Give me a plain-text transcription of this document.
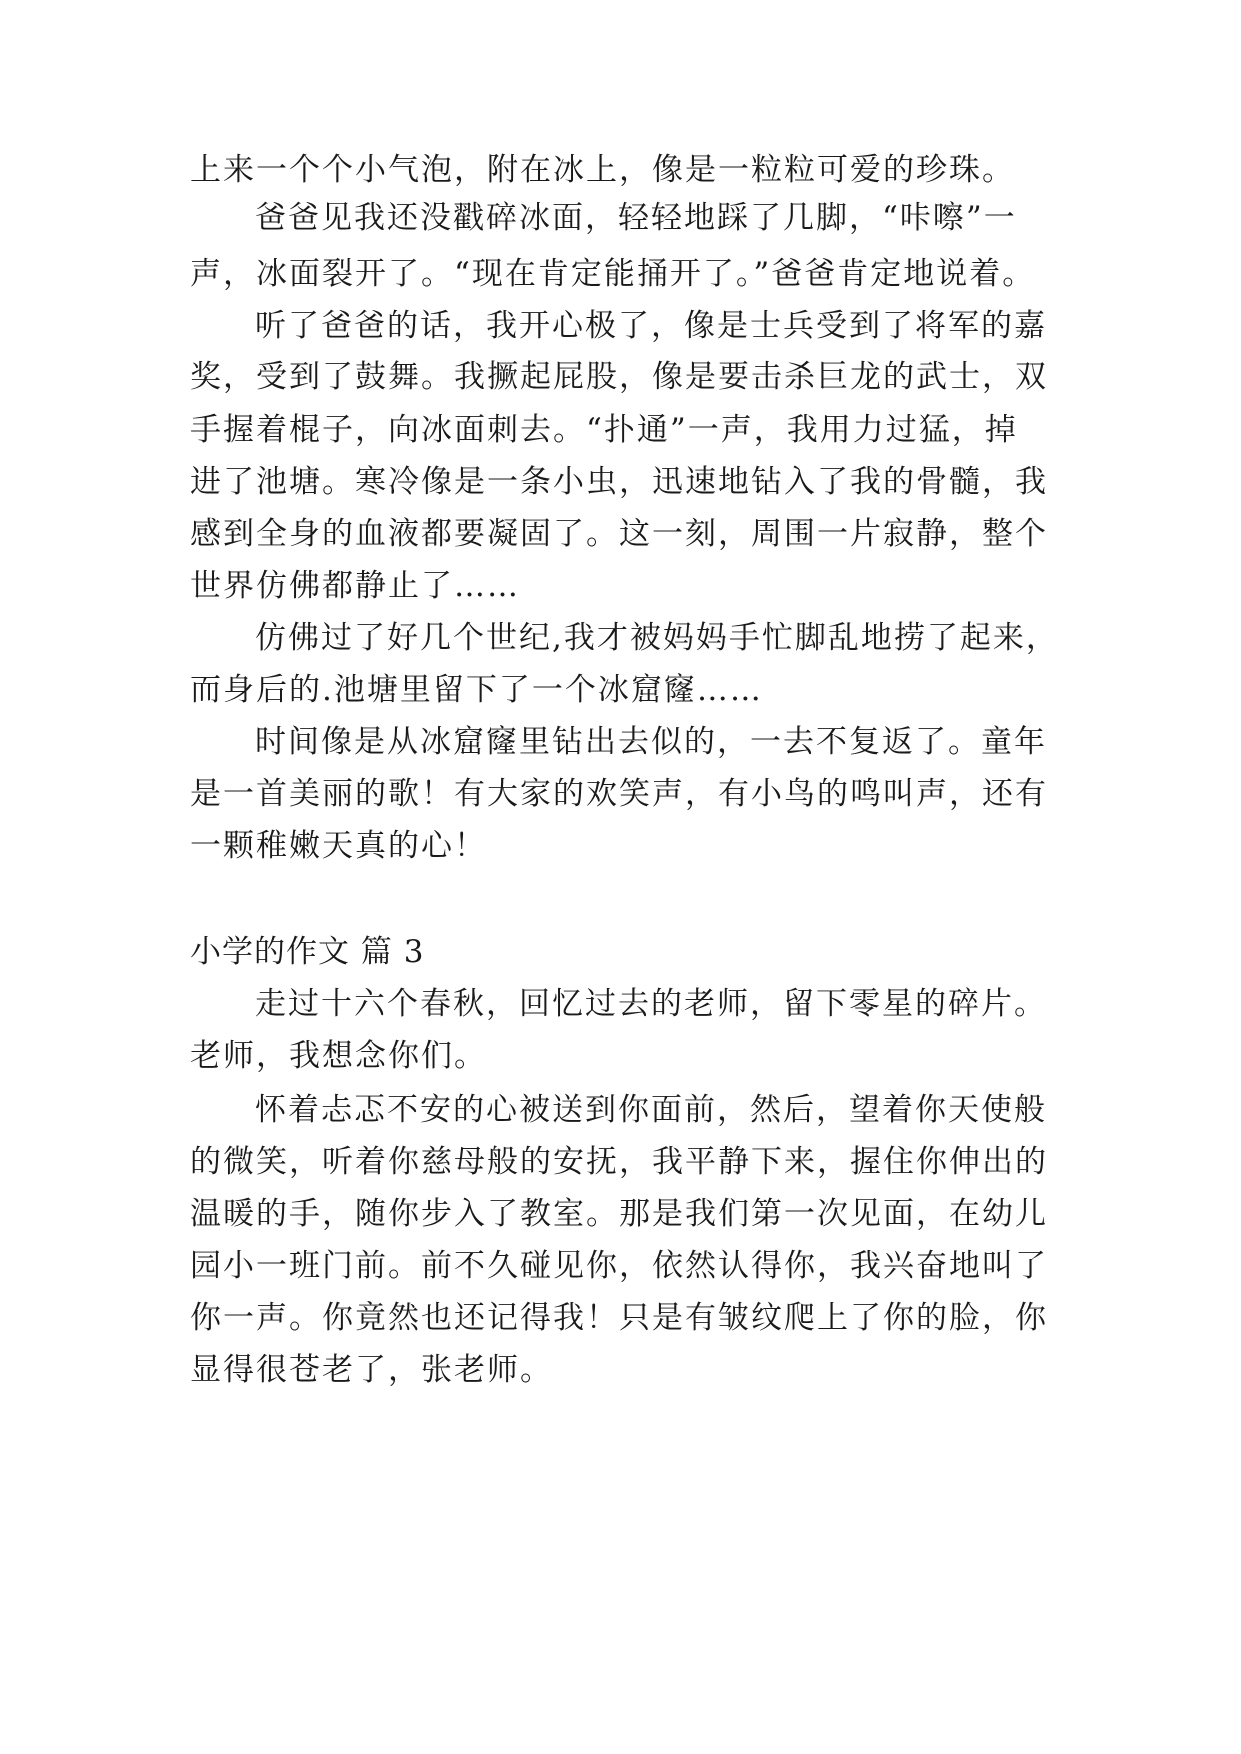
上来一个个小气泡，附在冰上，像是一粒粒可爱的珍珠。
爸爸见我还没戳碎冰面，轻轻地踩了几脚，“咔嚓”一
声，冰面裂开了。“现在肯定能捅开了。”爸爸肯定地说着。
听了爸爸的话，我开心极了，像是士兵受到了将军的嘉
奖，受到了鼓舞。我撅起屁股，像是要击杀巨龙的武士，双
手握着棍子，向冰面刺去。“扑通”一声，我用力过猛，掉
进了池塘。寒冷像是一条小虫，迅速地钻入了我的骨髓，我
感到全身的血液都要凝固了。这一刻，周围一片寂静，整个
世界仿佛都静止了……
仿佛过了好几个世纪,我才被妈妈手忙脚乱地捞了起来，
而身后的.池塘里留下了一个冰窟窿……
时间像是从冰窟窿里钻出去似的，一去不复返了。童年
是一首美丽的歌！有大家的欢笑声，有小鸟的鸣叫声，还有
一颗稚嫩天真的心！
小学的作文 篇 3
走过十六个春秋，回忆过去的老师，留下零星的碎片。
老师，我想念你们。
怀着忐忑不安的心被送到你面前，然后，望着你天使般
的微笑，听着你慈母般的安抚，我平静下来，握住你伸出的
温暖的手，随你步入了教室。那是我们第一次见面，在幼儿
园小一班门前。前不久碰见你，依然认得你，我兴奋地叫了
你一声。你竟然也还记得我！只是有皱纹爬上了你的脸，你
显得很苍老了，张老师。
